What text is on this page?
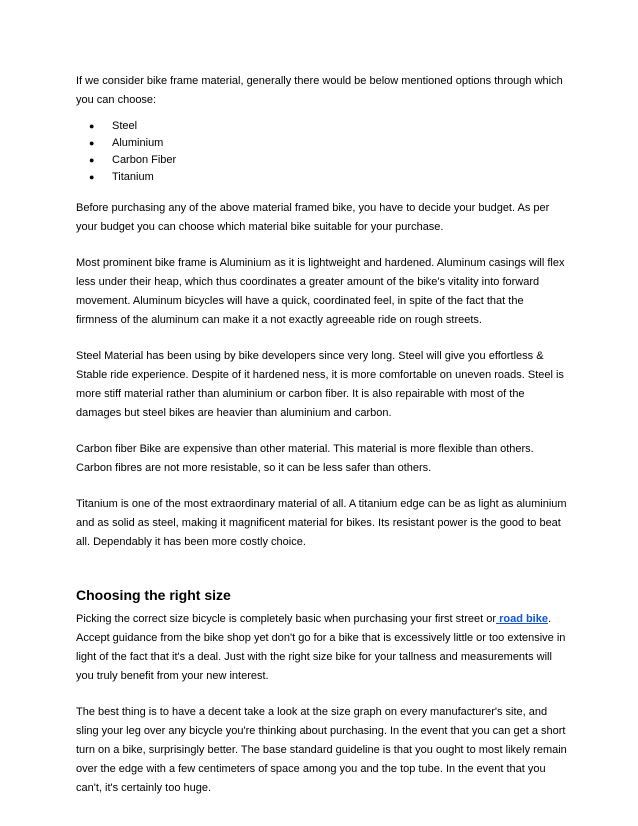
If we consider bike frame material, generally there would be below mentioned options through which you can choose:

● Steel
● Aluminium
● Carbon Fiber
● Titanium

Before purchasing any of the above material framed bike, you have to decide your budget. As per your budget you can choose which material bike suitable for your purchase.

Most prominent bike frame is Aluminium as it is lightweight and hardened. Aluminum casings will flex less under their heap, which thus coordinates a greater amount of the bike's vitality into forward movement. Aluminum bicycles will have a quick, coordinated feel, in spite of the fact that the firmness of the aluminum can make it a not exactly agreeable ride on rough streets.

Steel Material has been using by bike developers since very long. Steel will give you effortless & Stable ride experience. Despite of it hardened ness, it is more comfortable on uneven roads. Steel is more stiff material rather than aluminium or carbon fiber. It is also repairable with most of the damages but steel bikes are heavier than aluminium and carbon.

Carbon fiber Bike are expensive than other material. This material is more flexible than others. Carbon fibres are not more resistable, so it can be less safer than others.

Titanium is one of the most extraordinary material of all. A titanium edge can be as light as aluminium and as solid as steel, making it magnificent material for bikes. Its resistant power is the good to beat all. Dependably it has been more costly choice.

Choosing the right size

Picking the correct size bicycle is completely basic when purchasing your first street or road bike. Accept guidance from the bike shop yet don't go for a bike that is excessively little or too extensive in light of the fact that it's a deal. Just with the right size bike for your tallness and measurements will you truly benefit from your new interest.

The best thing is to have a decent take a look at the size graph on every manufacturer's site, and sling your leg over any bicycle you're thinking about purchasing. In the event that you can get a short turn on a bike, surprisingly better. The base standard guideline is that you ought to most likely remain over the edge with a few centimeters of space among you and the top tube. In the event that you can't, it's certainly too huge.
